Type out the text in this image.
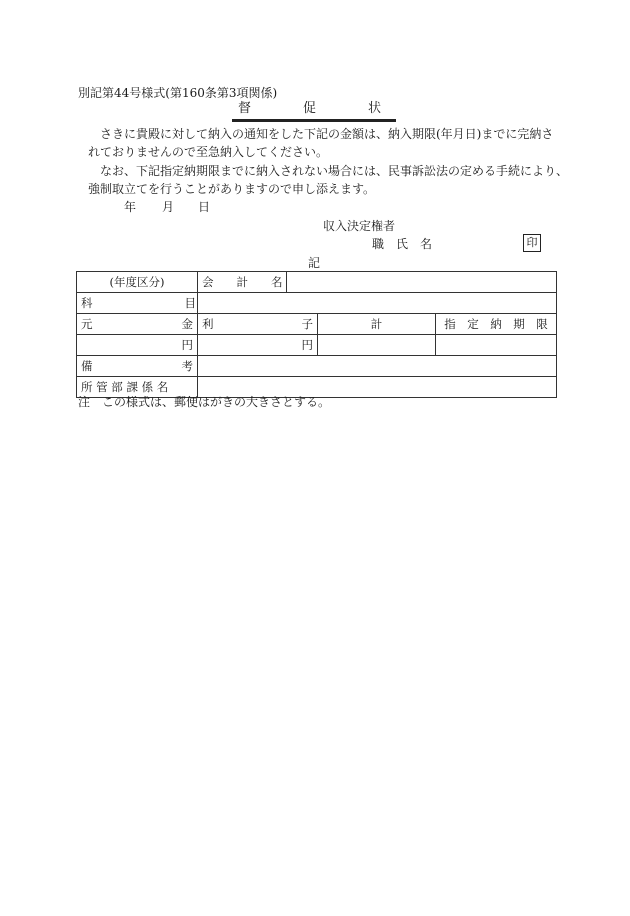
別記第44号様式(第160条第3項関係)
督　　　　促　　　　状
さきに貴殿に対して納入の通知をした下記の金額は、納入期限(年月日)までに完納さ
れておりませんので至急納入してください。
なお、下記指定納期限までに納入されない場合には、民事訴訟法の定める手続により、
強制取立てを行うことがありますので申し添えます。
年 月 日
収入決定権者
職　氏　名	印
記
(年度区分)	会　　計　　名			
科　　　　　　　　目				

元 金	利 子		計	指　定　納　期　限
円	円			

備 考				

所 管 部 課 係 名				
注　この様式は、郵便はがきの大きさとする。
